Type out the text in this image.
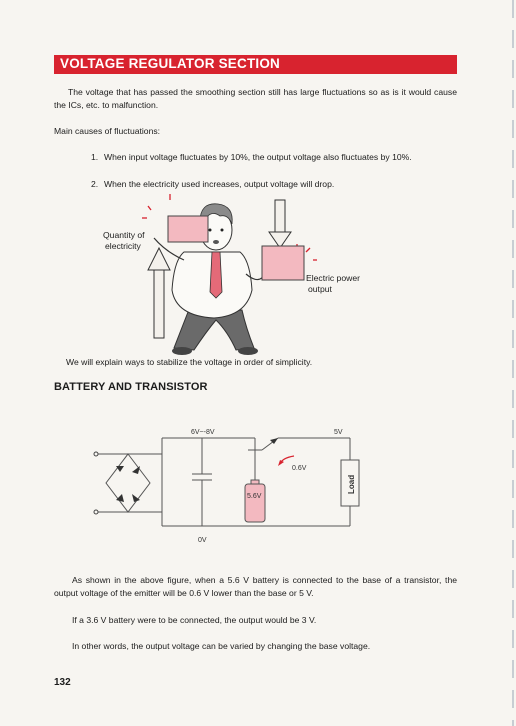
VOLTAGE REGULATOR SECTION
The voltage that has passed the smoothing section still has large fluctuations so as is it would cause the ICs, etc. to malfunction.
Main causes of fluctuations:
1. When input voltage fluctuates by 10%, the output voltage also fluctuates by 10%.
2. When the electricity used increases, output voltage will drop.
Quantity of
electricity
Electric power
output
We will explain ways to stabilize the voltage in order of simplicity.
BATTERY AND TRANSISTOR
6V~-8V	5V
0.6V
5.6V
0V
Load
As shown in the above figure, when a 5.6 V battery is connected to the base of a transistor, the output voltage of the emitter will be 0.6 V lower than the base or 5 V.
If a 3.6 V battery were to be connected, the output would be 3 V.
In other words, the output voltage can be varied by changing the base voltage.
132
